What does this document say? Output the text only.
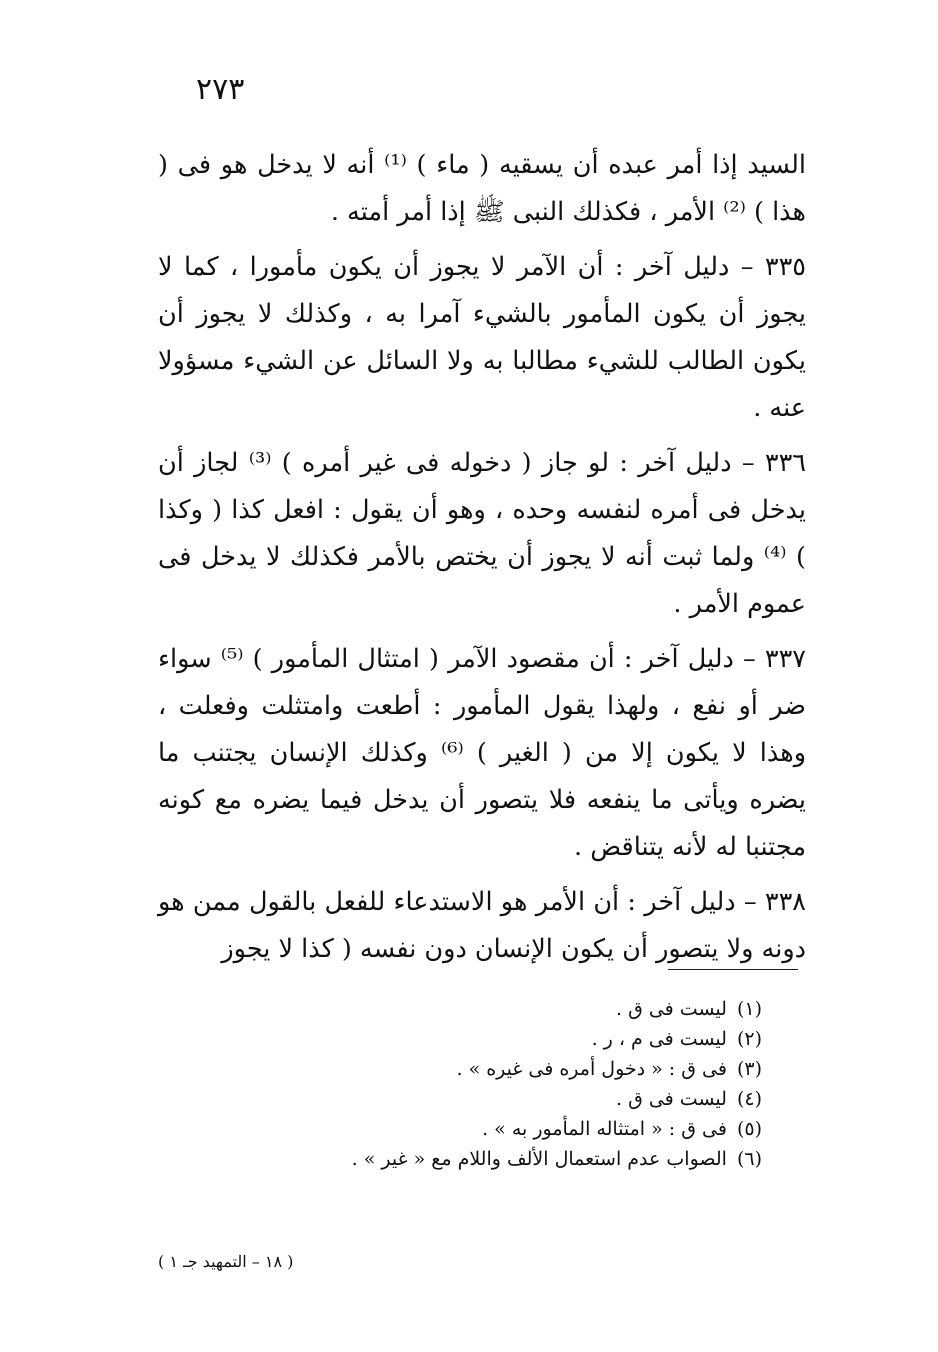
٢٧٣

السيد إذا أمر عبده أن يسقيه ( ماء ) ⁽¹⁾ أنه لا يدخل هو فى ( هذا ) ⁽²⁾ الأمر ، فكذلك النبى ﷺ إذا أمر أمته .

٣٣٥ – دليل آخر : أن الآمر لا يجوز أن يكون مأمورا ، كما لا يجوز أن يكون المأمور بالشيء آمرا به ، وكذلك لا يجوز أن يكون الطالب للشيء مطالبا به ولا السائل عن الشيء مسؤولا عنه .

٣٣٦ – دليل آخر : لو جاز ( دخوله فى غير أمره ) ⁽³⁾ لجاز أن يدخل فى أمره لنفسه وحده ، وهو أن يقول : افعل كذا ( وكذا ) ⁽⁴⁾ ولما ثبت أنه لا يجوز أن يختص بالأمر فكذلك لا يدخل فى عموم الأمر .

٣٣٧ – دليل آخر : أن مقصود الآمر ( امتثال المأمور ) ⁽⁵⁾ سواء ضر أو نفع ، ولهذا يقول المأمور : أطعت وامتثلت وفعلت ، وهذا لا يكون إلا من ( الغير ) ⁽⁶⁾ وكذلك الإنسان يجتنب ما يضره ويأتى ما ينفعه فلا يتصور أن يدخل فيما يضره مع كونه مجتنبا له لأنه يتناقض .

٣٣٨ – دليل آخر : أن الأمر هو الاستدعاء للفعل بالقول ممن هو دونه ولا يتصور أن يكون الإنسان دون نفسه ( كذا لا يجوز

(١)ليست فى ق .
(٢)ليست فى م ، ر .
(٣)فى ق : « دخول أمره فى غيره » .
(٤)ليست فى ق .
(٥)فى ق : « امتثاله المأمور به » .
(٦)الصواب عدم استعمال الألف واللام مع « غير » .
( ١٨ – التمهيد جـ ١ )
